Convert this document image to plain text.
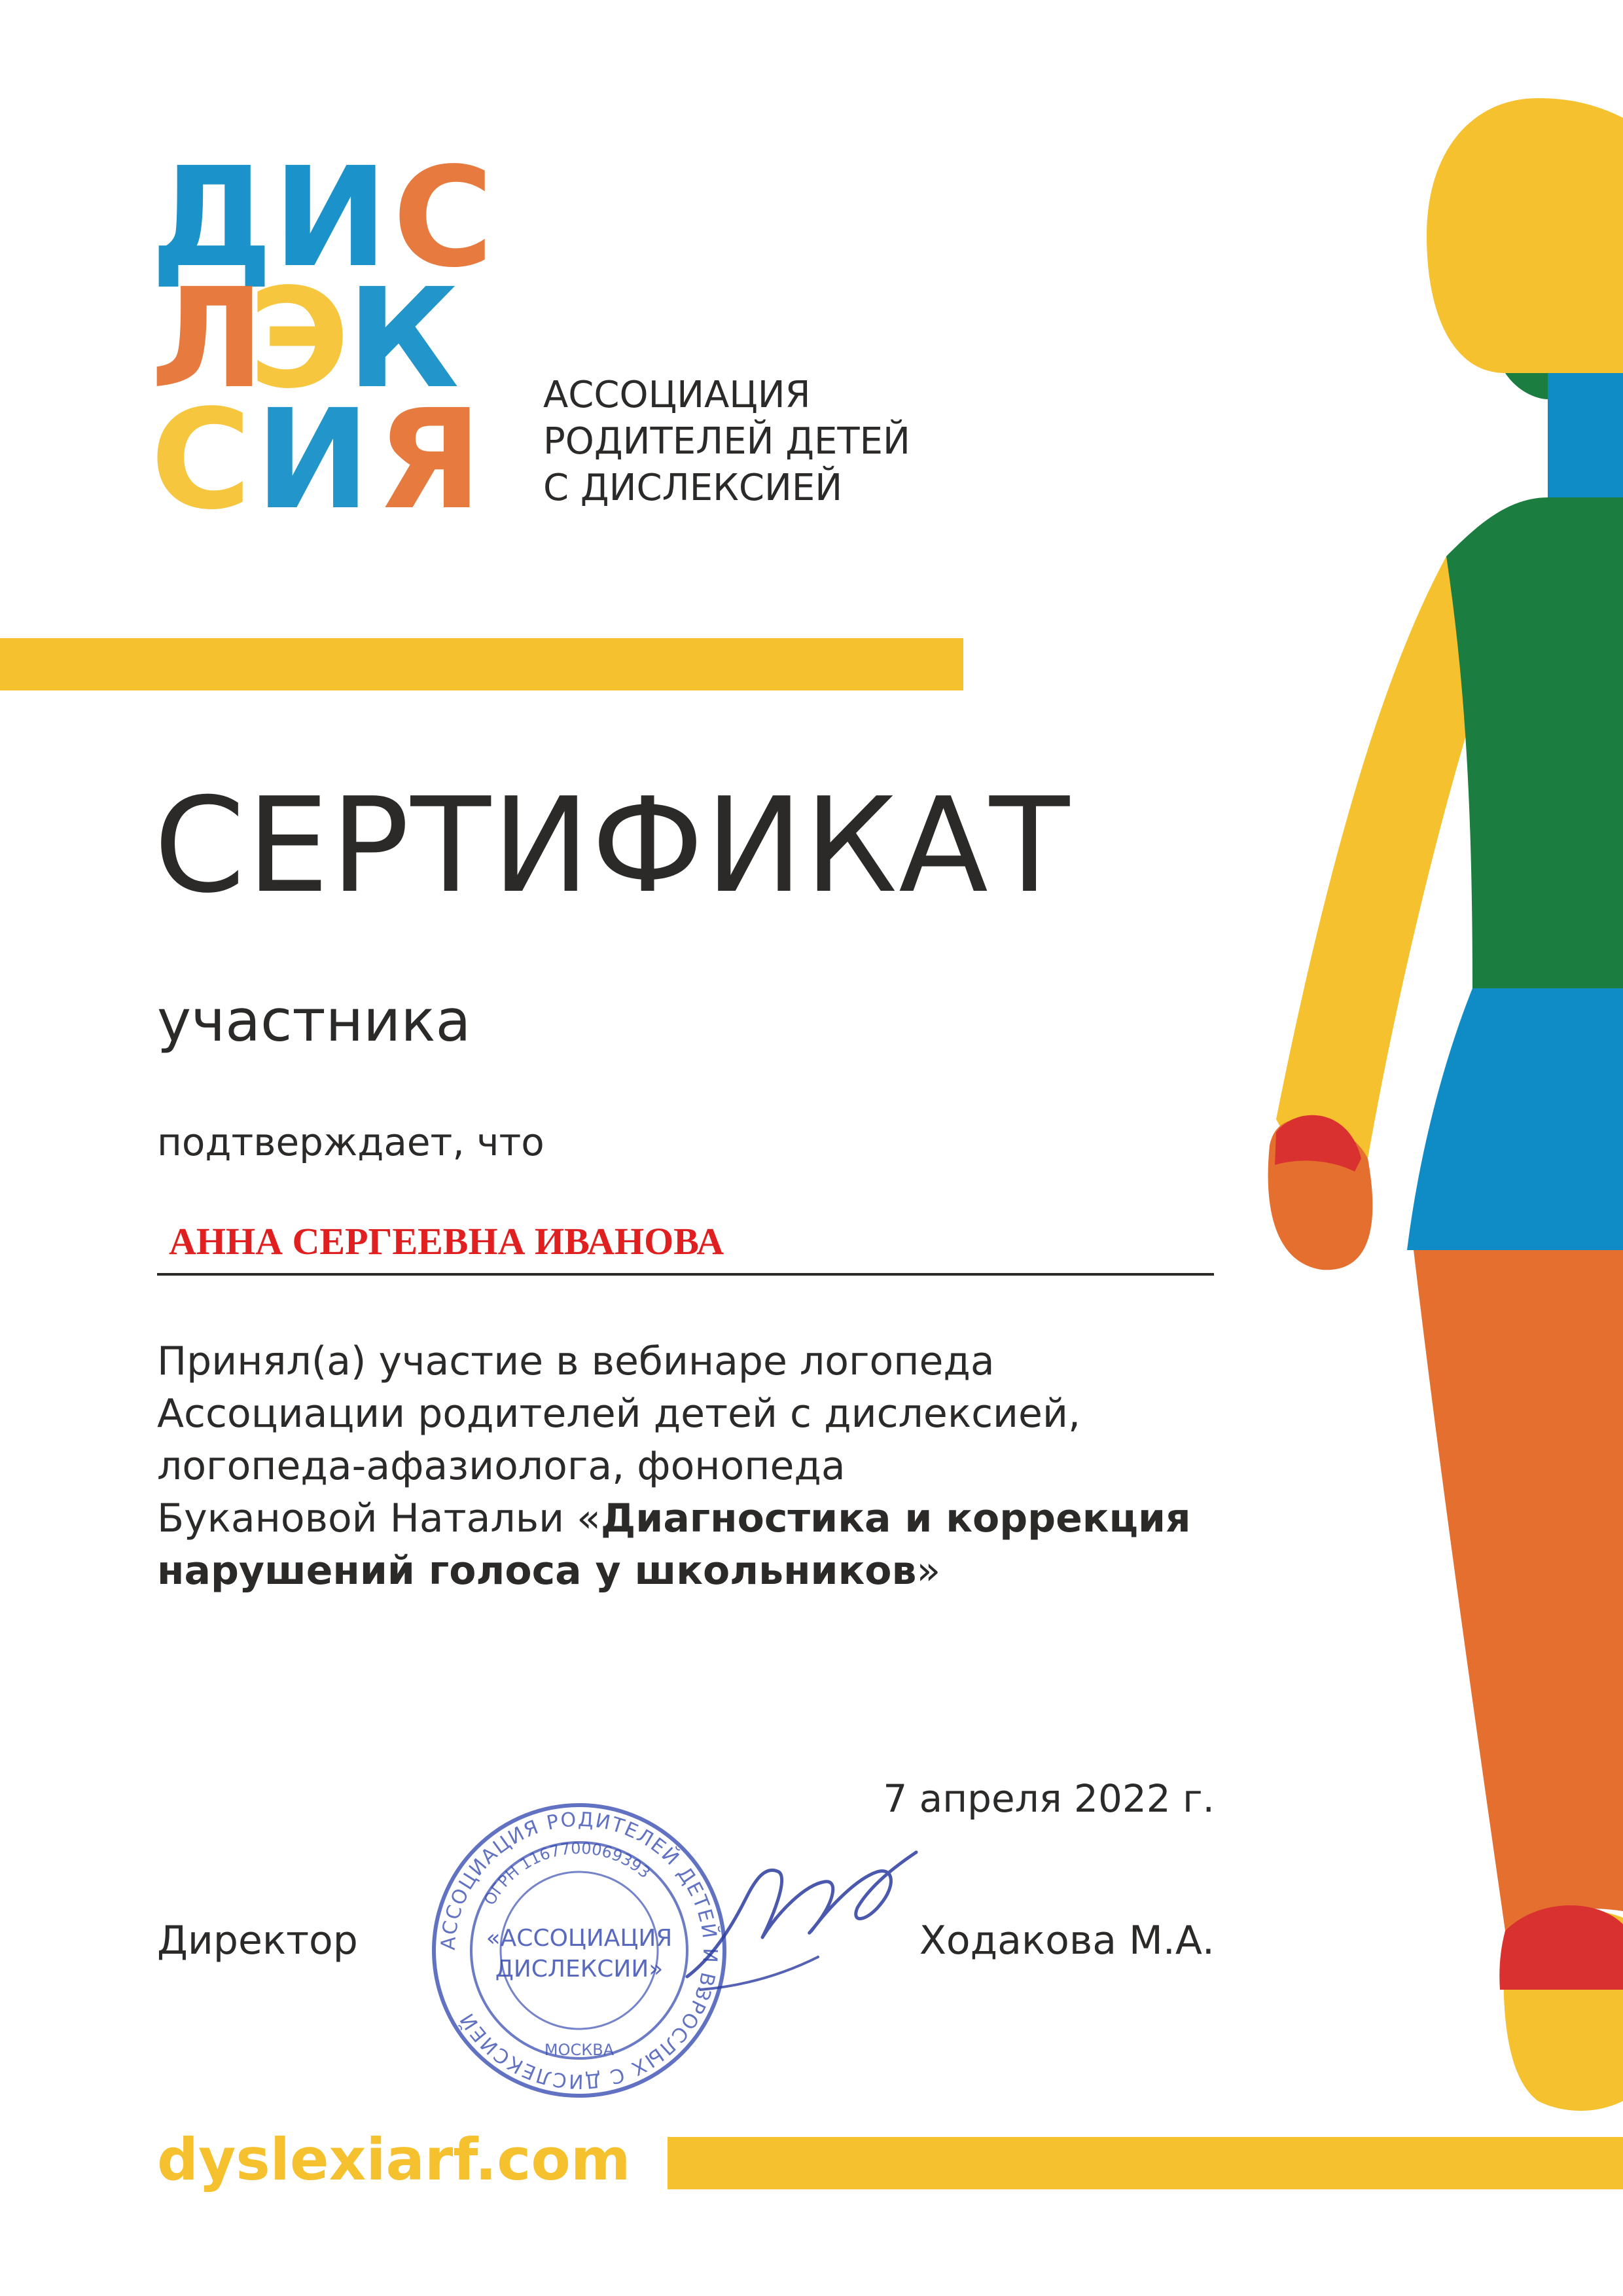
ДИ С
Л
Э
К
С И Я АССОЦИАЦИЯ
РОДИТЕЛЕЙ ДЕТЕЙ
С ДИСЛЕКСИЕЙ
СЕРТИФИКАТ
участника
подтверждает, что
АННА СЕРГЕЕВНА ИВАНОВА
Принял(а) участие в вебинаре логопеда
Ассоциации родителей детей с дислексией,
логопеда-афазиолога, фонопеда
Букановой Натальи «Диагностика и коррекция
нарушений голоса у школьников»
7 апреля 2022 г.
АССОЦИАЦИЯ РОДИТЕЛЕЙ ДЕТЕЙ И ВЗРОСЛЫХ С ДИСЛЕКСИЕЙ
ОГРН 1167700069393
«АССОЦИАЦИЯ
ДИСЛЕКСИИ»
МОСКВА
Директор	Ходакова М.А.
dyslexiarf.com
